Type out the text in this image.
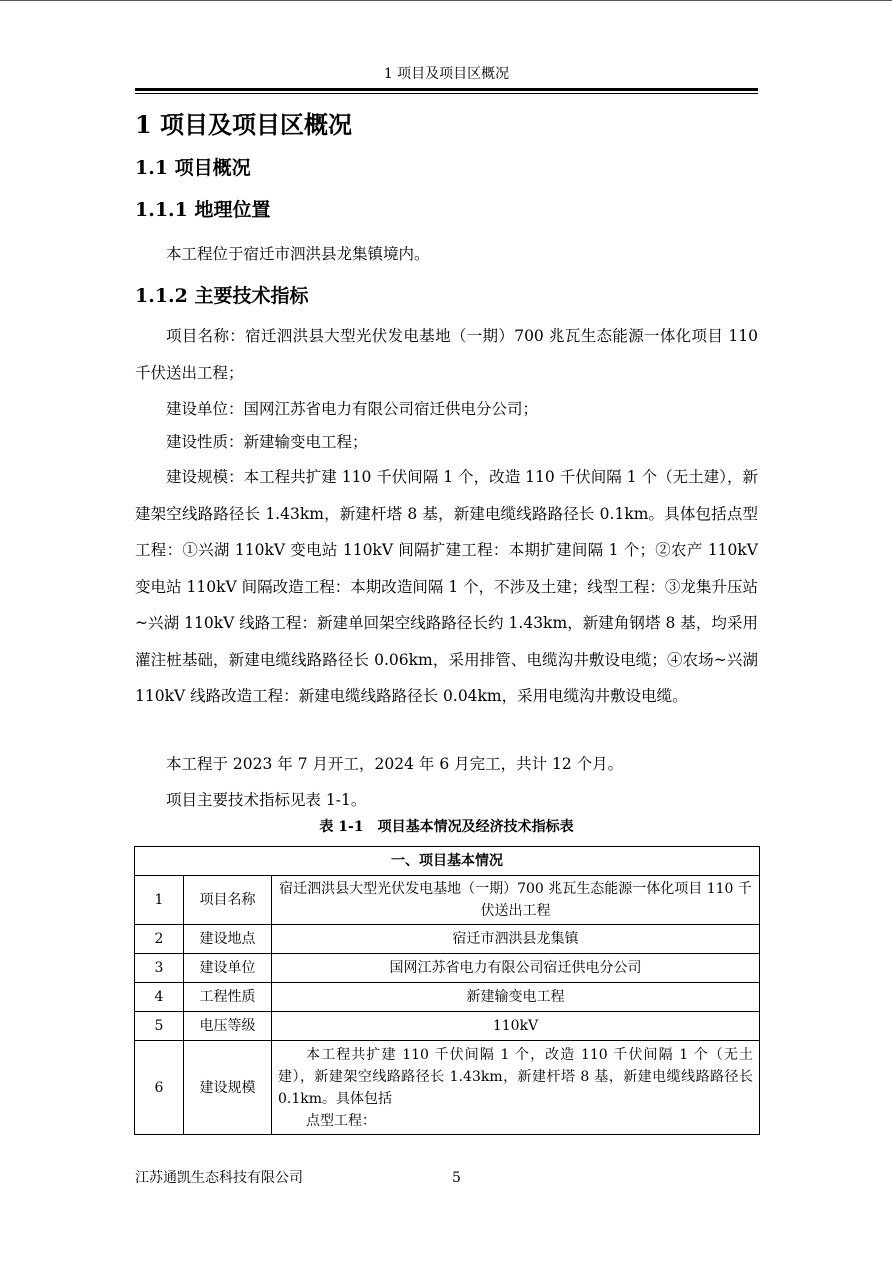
1 项目及项目区概况
1 项目及项目区概况
1.1 项目概况
1.1.1 地理位置
本工程位于宿迁市泗洪县龙集镇境内。
1.1.2 主要技术指标
项目名称：宿迁泗洪县大型光伏发电基地（一期）700 兆瓦生态能源一体化项目 110 千伏送出工程；
建设单位：国网江苏省电力有限公司宿迁供电分公司；
建设性质：新建输变电工程；
建设规模：本工程共扩建 110 千伏间隔 1 个，改造 110 千伏间隔 1 个（无土建），新建架空线路路径长 1.43km，新建杆塔 8 基，新建电缆线路路径长 0.1km。具体包括点型工程：①兴湖 110kV 变电站 110kV 间隔扩建工程：本期扩建间隔 1 个；②农产 110kV 变电站 110kV 间隔改造工程：本期改造间隔 1 个，不涉及土建；线型工程：③龙集升压站~兴湖 110kV 线路工程：新建单回架空线路路径长约 1.43km，新建角钢塔 8 基，均采用灌注桩基础，新建电缆线路路径长 0.06km，采用排管、电缆沟井敷设电缆；④农场~兴湖 110kV 线路改造工程：新建电缆线路路径长 0.04km，采用电缆沟井敷设电缆。
本工程于 2023 年 7 月开工，2024 年 6 月完工，共计 12 个月。
项目主要技术指标见表 1-1。
表 1-1　项目基本情况及经济技术指标表
一、项目基本情况		
1	项目名称	宿迁泗洪县大型光伏发电基地（一期）700 兆瓦生态能源一体化项目 110 千伏送出工程
2	建设地点	宿迁市泗洪县龙集镇
3	建设单位	国网江苏省电力有限公司宿迁供电分公司
4	工程性质	新建输变电工程
5	电压等级	110kV
6	建设规模	本工程共扩建 110 千伏间隔 1 个，改造 110 千伏间隔 1 个（无土建），新建架空线路路径长 1.43km，新建杆塔 8 基，新建电缆线路路径长 0.1km。具体包括
点型工程：
江苏通凯生态科技有限公司	5
